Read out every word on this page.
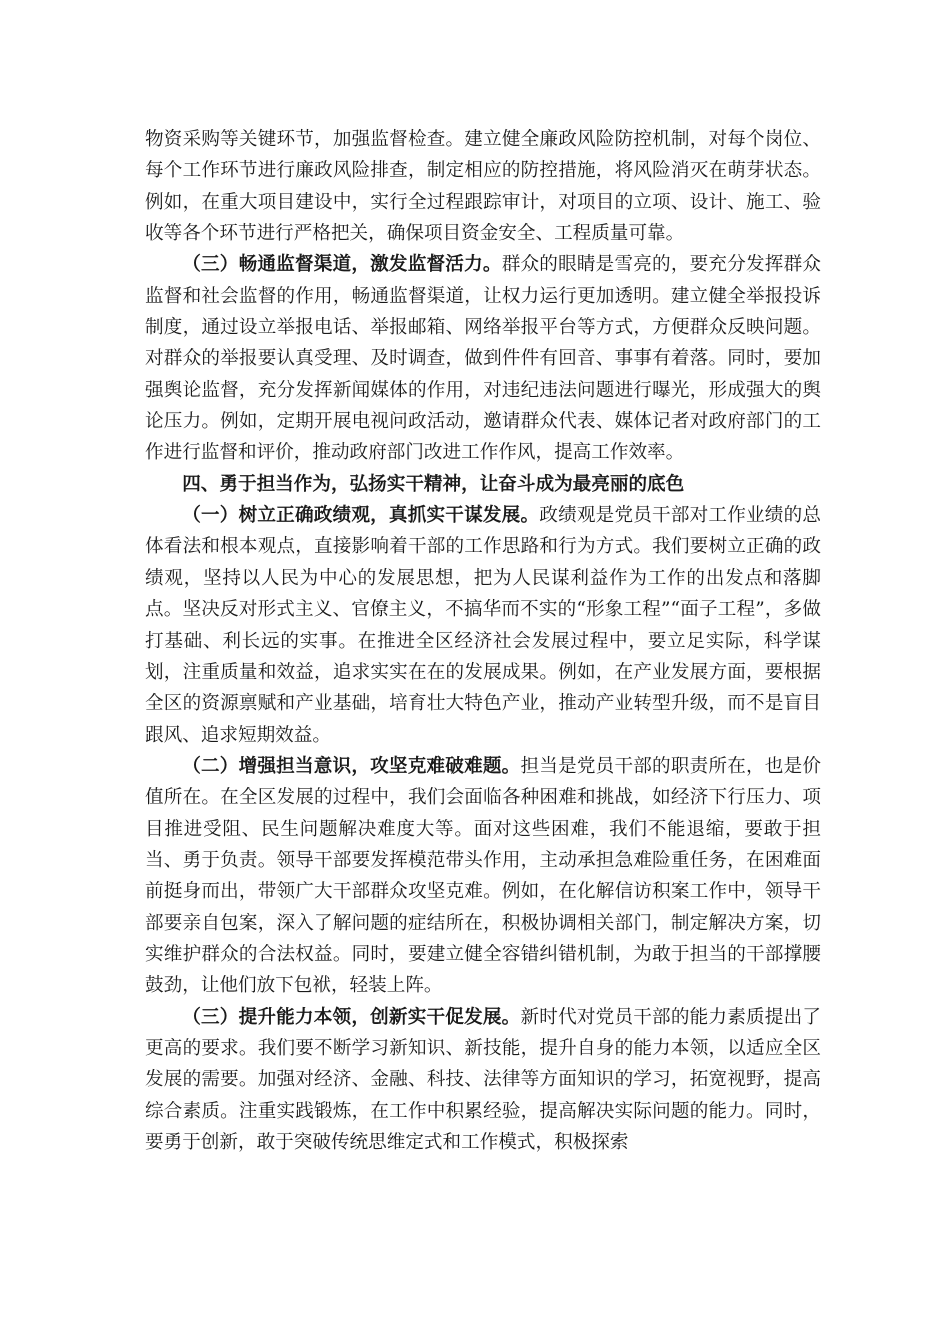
物资采购等关键环节，加强监督检查。建立健全廉政风险防控机制，对每个岗位、每个工作环节进行廉政风险排查，制定相应的防控措施，将风险消灭在萌芽状态。例如，在重大项目建设中，实行全过程跟踪审计，对项目的立项、设计、施工、验收等各个环节进行严格把关，确保项目资金安全、工程质量可靠。

（三）畅通监督渠道，激发监督活力。群众的眼睛是雪亮的，要充分发挥群众监督和社会监督的作用，畅通监督渠道，让权力运行更加透明。建立健全举报投诉制度，通过设立举报电话、举报邮箱、网络举报平台等方式，方便群众反映问题。对群众的举报要认真受理、及时调查，做到件件有回音、事事有着落。同时，要加强舆论监督，充分发挥新闻媒体的作用，对违纪违法问题进行曝光，形成强大的舆论压力。例如，定期开展电视问政活动，邀请群众代表、媒体记者对政府部门的工作进行监督和评价，推动政府部门改进工作作风，提高工作效率。

四、勇于担当作为，弘扬实干精神，让奋斗成为最亮丽的底色

（一）树立正确政绩观，真抓实干谋发展。政绩观是党员干部对工作业绩的总体看法和根本观点，直接影响着干部的工作思路和行为方式。我们要树立正确的政绩观，坚持以人民为中心的发展思想，把为人民谋利益作为工作的出发点和落脚点。坚决反对形式主义、官僚主义，不搞华而不实的“形象工程”“面子工程”，多做打基础、利长远的实事。在推进全区经济社会发展过程中，要立足实际，科学谋划，注重质量和效益，追求实实在在的发展成果。例如，在产业发展方面，要根据全区的资源禀赋和产业基础，培育壮大特色产业，推动产业转型升级，而不是盲目跟风、追求短期效益。

（二）增强担当意识，攻坚克难破难题。担当是党员干部的职责所在，也是价值所在。在全区发展的过程中，我们会面临各种困难和挑战，如经济下行压力、项目推进受阻、民生问题解决难度大等。面对这些困难，我们不能退缩，要敢于担当、勇于负责。领导干部要发挥模范带头作用，主动承担急难险重任务，在困难面前挺身而出，带领广大干部群众攻坚克难。例如，在化解信访积案工作中，领导干部要亲自包案，深入了解问题的症结所在，积极协调相关部门，制定解决方案，切实维护群众的合法权益。同时，要建立健全容错纠错机制，为敢于担当的干部撑腰鼓劲，让他们放下包袱，轻装上阵。

（三）提升能力本领，创新实干促发展。新时代对党员干部的能力素质提出了更高的要求。我们要不断学习新知识、新技能，提升自身的能力本领，以适应全区发展的需要。加强对经济、金融、科技、法律等方面知识的学习，拓宽视野，提高综合素质。注重实践锻炼，在工作中积累经验，提高解决实际问题的能力。同时，要勇于创新，敢于突破传统思维定式和工作模式，积极探索
